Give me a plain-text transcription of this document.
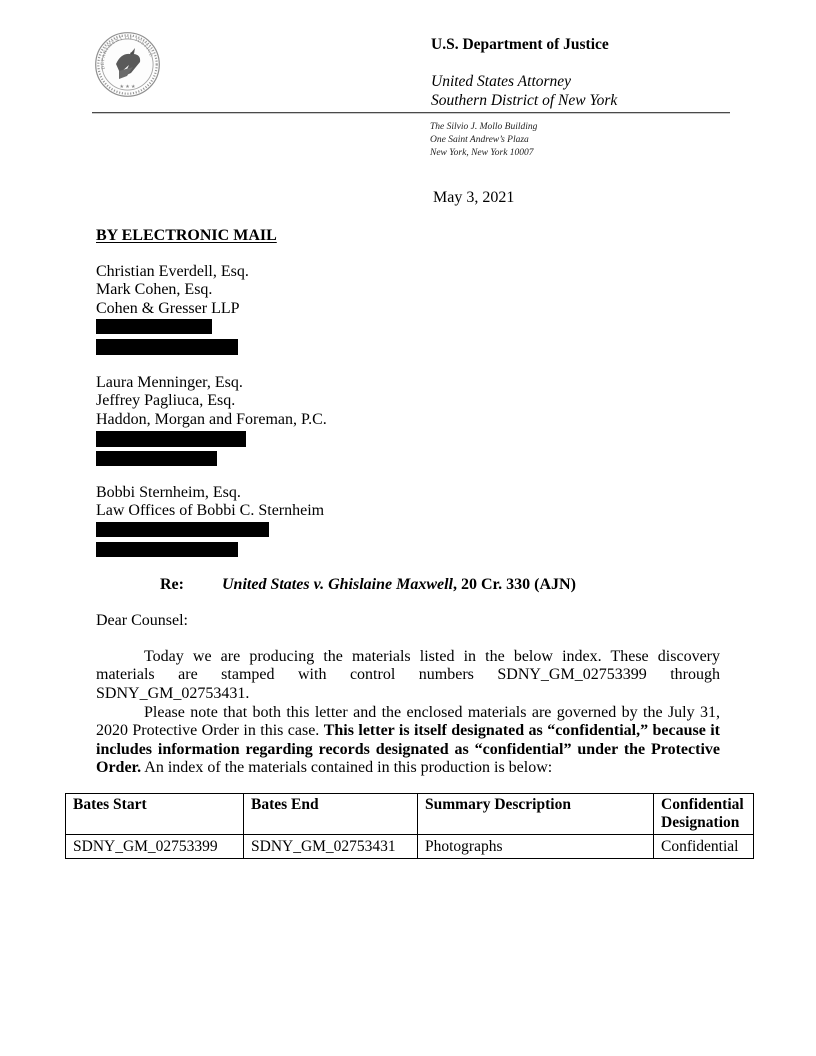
DEPARTMENT OF JUSTICE
★ ★ ★
U.S. Department of Justice
United States Attorney
Southern District of New York
The Silvio J. Mollo Building
One Saint Andrew’s Plaza
New York, New York 10007
May 3, 2021
BY ELECTRONIC MAIL
Christian Everdell, Esq.
Mark Cohen, Esq.
Cohen & Gresser LLP
Laura Menninger, Esq.
Jeffrey Pagliuca, Esq.
Haddon, Morgan and Foreman, P.C.
Bobbi Sternheim, Esq.
Law Offices of Bobbi C. Sternheim
Re: United States v. Ghislaine Maxwell, 20 Cr. 330 (AJN)
Dear Counsel:

Today we are producing the materials listed in the below index. These discovery materials are stamped with control numbers SDNY_GM_02753399 through SDNY_GM_02753431.

Please note that both this letter and the enclosed materials are governed by the July 31, 2020 Protective Order in this case. This letter is itself designated as “confidential,” because it includes information regarding records designated as “confidential” under the Protective Order. An index of the materials contained in this production is below:

Bates Start	Bates End	Summary Description	Confidential Designation
SDNY_GM_02753399	SDNY_GM_02753431	Photographs	Confidential
